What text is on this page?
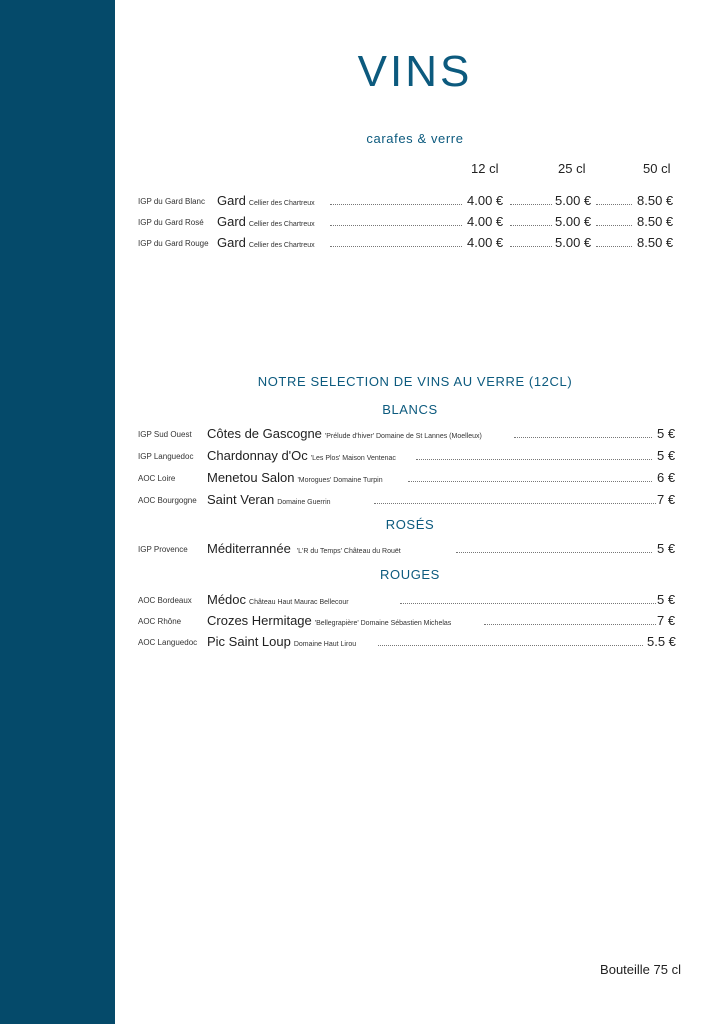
VINS
carafes & verre
12 cl	25 cl	50 cl
IGP du Gard Blanc Gard Cellier des Chartreux	4.00 €	5.00 €	8.50 €
IGP du Gard Rosé Gard Cellier des Chartreux	4.00 €	5.00 €	8.50 €
IGP du Gard Rouge Gard Cellier des Chartreux	4.00 €	5.00 €	8.50 €
NOTRE SELECTION DE VINS AU VERRE (12CL)
BLANCS
IGP Sud Ouest Côtes de Gascogne 'Prélude d'hiver' Domaine de St Lannes (Moelleux)	5 €
IGP Languedoc Chardonnay d'Oc 'Les Plos' Maison Ventenac	5 €
AOC Loire Menetou Salon 'Morogues' Domaine Turpin	6 €
AOC Bourgogne Saint Veran Domaine Guerrin	7 €
ROSÉS
IGP Provence Méditerrannée 'L'R du Temps' Château du Rouët	5 €
ROUGES
AOC Bordeaux Médoc Château Haut Maurac Bellecour	5 €
AOC Rhône Crozes Hermitage 'Bellegrapière' Domaine Sébastien Michelas	7 €
AOC Languedoc Pic Saint Loup Domaine Haut Lirou	5.5 €
Bouteille 75 cl
